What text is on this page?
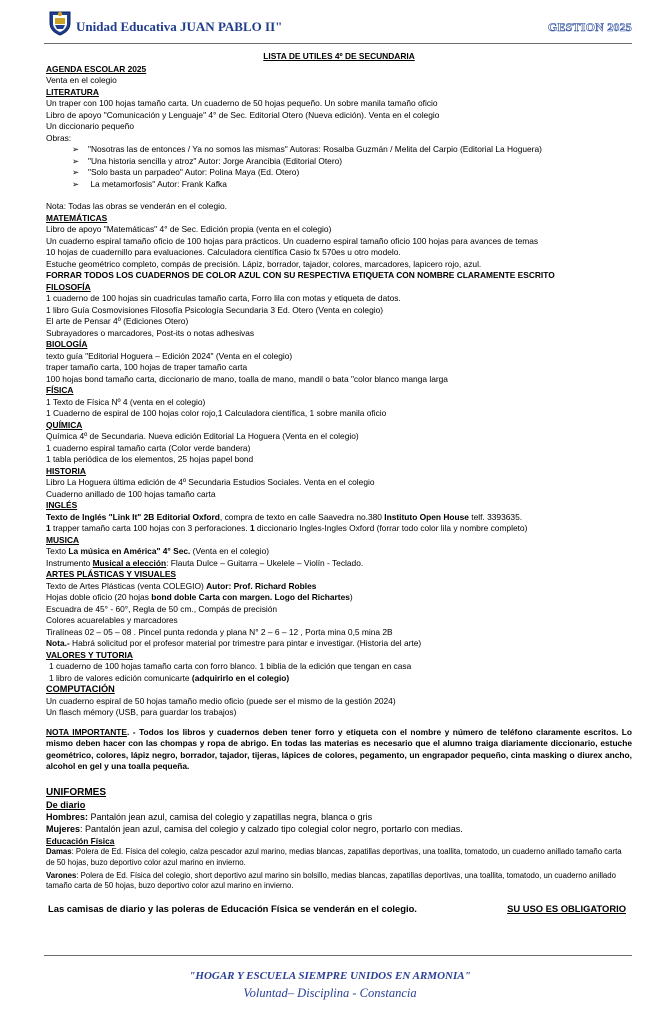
Unidad Educativa JUAN PABLO II"	GESTION 2025
LISTA DE UTILES 4º DE SECUNDARIA
AGENDA ESCOLAR 2025
Venta en el colegio
LITERATURA
Un traper con 100 hojas tamaño carta. Un cuaderno de 50 hojas pequeño. Un sobre manila tamaño oficio
Libro de apoyo "Comunicación y Lenguaje" 4° de Sec. Editorial Otero (Nueva edición). Venta en el colegio
Un diccionario pequeño
Obras:
➢ "Nosotras las de entonces / Ya no somos las mismas" Autoras: Rosalba Guzmán / Melita del Carpio (Editorial La Hoguera)
➢ "Una historia sencilla y atroz" Autor: Jorge Arancibia (Editorial Otero)
➢ "Solo basta un parpadeo" Autor: Polina Maya (Ed. Otero)
➢ La metamorfosis" Autor: Frank Kafka
Nota: Todas las obras se venderán en el colegio.
MATEMÁTICAS
Libro de apoyo "Matemáticas" 4° de Sec. Edición propia (venta en el colegio)
Un cuaderno espiral tamaño oficio de 100 hojas para prácticos. Un cuaderno espiral tamaño oficio 100 hojas para avances de temas
10 hojas de cuadernillo para evaluaciones. Calculadora científica Casio fx 570es u otro modelo.
Estuche geométrico completo, compás de precisión. Lápiz, borrador, tajador, colores, marcadores, lapicero rojo, azul.
FORRAR TODOS LOS CUADERNOS DE COLOR AZUL CON SU RESPECTIVA ETIQUETA CON NOMBRE CLARAMENTE ESCRITO
FILOSOFÍA
1 cuaderno de 100 hojas sin cuadriculas tamaño carta, Forro lila con motas y etiqueta de datos.
1 libro Guía Cosmovisiones Filosofía Psicología Secundaria 3 Ed. Otero (Venta en colegio)
El arte de Pensar 4º (Ediciones Otero)
Subrayadores o marcadores, Post-its o notas adhesivas
BIOLOGÍA
texto guía "Editorial Hoguera – Edición 2024" (Venta en el colegio)
traper tamaño carta, 100 hojas de traper tamaño carta
100 hojas bond tamaño carta, diccionario de mano, toalla de mano, mandil o bata "color blanco manga larga
FÍSICA
1 Texto de Física Nº 4 (venta en el colegio)
1 Cuaderno de espiral de 100 hojas color rojo,1 Calculadora científica, 1 sobre manila oficio
QUÍMICA
Química 4º de Secundaria. Nueva edición Editorial La Hoguera (Venta en el colegio)
1 cuaderno espiral tamaño carta (Color verde bandera)
1 tabla periódica de los elementos, 25 hojas papel bond
HISTORIA
Libro La Hoguera última edición de 4º Secundaria Estudios Sociales. Venta en el colegio
Cuaderno anillado de 100 hojas tamaño carta
INGLÉS
Texto de Inglés "Link It" 2B Editorial Oxford, compra de texto en calle Saavedra no.380 Instituto Open House telf. 3393635.
1 trapper tamaño carta 100 hojas con 3 perforaciones. 1 diccionario Ingles-Ingles Oxford (forrar todo color lila y nombre completo)
MUSICA
Texto La música en América" 4° Sec. (Venta en el colegio)
Instrumento Musical a elección: Flauta Dulce – Guitarra – Ukelele – Violín - Teclado.
ARTES PLÁSTICAS Y VISUALES
Texto de Artes Plásticas (venta COLEGIO) Autor: Prof. Richard Robles
Hojas doble oficio (20 hojas bond doble Carta con margen. Logo del Richartes)
Escuadra de 45° - 60°, Regla de 50 cm., Compás de precisión
Colores acuarelables y marcadores
Tiralíneas 02 – 05 – 08 . Pincel punta redonda y plana N° 2 – 6 – 12 , Porta mina 0,5 mina 2B
Nota.- Habrá solicitud por el profesor material por trimestre para pintar e investigar. (Historia del arte)
VALORES Y TUTORIA
1 cuaderno de 100 hojas tamaño carta con forro blanco. 1 biblia de la edición que tengan en casa
1 libro de valores edición comunicarte (adquirirlo en el colegio)
COMPUTACIÓN
Un cuaderno espiral de 50 hojas tamaño medio oficio (puede ser el mismo de la gestión 2024)
Un flasch mémory (USB, para guardar los trabajos)
NOTA IMPORTANTE. - Todos los libros y cuadernos deben tener forro y etiqueta con el nombre y número de teléfono claramente escritos. Lo mismo deben hacer con las chompas y ropa de abrigo. En todas las materias es necesario que el alumno traiga diariamente diccionario, estuche geométrico, colores, lápiz negro, borrador, tajador, tijeras, lápices de colores, pegamento, un engrapador pequeño, cinta masking o diurex ancho, alcohol en gel y una toalla pequeña.
UNIFORMES
De diario
Hombres: Pantalón jean azul, camisa del colegio y zapatillas negra, blanca o gris
Mujeres: Pantalón jean azul, camisa del colegio y calzado tipo colegial color negro, portarlo con medias.
Educación Física
Damas: Polera de Ed. Física del colegio, calza pescador azul marino, medias blancas, zapatillas deportivas, una toallita, tomatodo, un cuaderno anillado tamaño carta de 50 hojas, buzo deportivo color azul marino en invierno.
Varones: Polera de Ed. Física del colegio, short deportivo azul marino sin bolsillo, medias blancas, zapatillas deportivas, una toallita, tomatodo, un cuaderno anillado tamaño carta de 50 hojas, buzo deportivo color azul marino en invierno.
Las camisas de diario y las poleras de Educación Física se venderán en el colegio.	SU USO ES OBLIGATORIO
"HOGAR Y ESCUELA SIEMPRE UNIDOS EN ARMONIA"
Voluntad– Disciplina - Constancia
